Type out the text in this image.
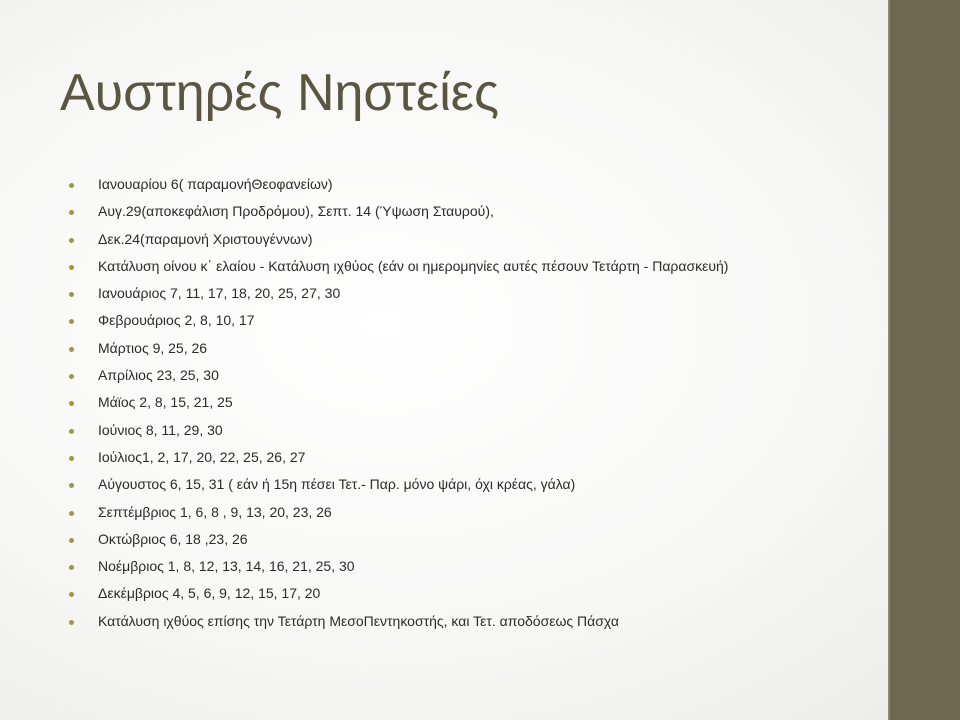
Αυστηρές Νηστείες
Ιανουαρίου 6( παραμονήΘεοφανείων)
Αυγ.29(αποκεφάλιση Προδρόμου), Σεπτ. 14 (Ύψωση Σταυρού),
Δεκ.24(παραμονή Χριστουγέννων)
Κατάλυση οίνου κ΄ ελαίου - Κατάλυση ιχθύος (εάν οι ημερομηνίες αυτές πέσουν Τετάρτη - Παρασκευή)
Ιανουάριος 7, 11, 17, 18, 20, 25, 27, 30
Φεβρουάριος 2, 8, 10, 17
Μάρτιος 9, 25, 26
Απρίλιος 23, 25, 30
Μάϊος 2, 8, 15, 21, 25
Ιούνιος 8, 11, 29, 30
Ιούλιος1, 2, 17, 20, 22, 25, 26, 27
Αύγουστος 6, 15, 31 ( εάν ή 15η πέσει Τετ.- Παρ. μόνο ψάρι, όχι κρέας, γάλα)
Σεπτέμβριος 1, 6, 8 , 9, 13, 20, 23, 26
Οκτώβριος 6, 18 ,23, 26
Νοέμβριος 1, 8, 12, 13, 14, 16, 21, 25, 30
Δεκέμβριος 4, 5, 6, 9, 12, 15, 17, 20
Κατάλυση ιχθύος επίσης την Τετάρτη ΜεσοΠεντηκοστής, και Τετ. αποδόσεως Πάσχα
